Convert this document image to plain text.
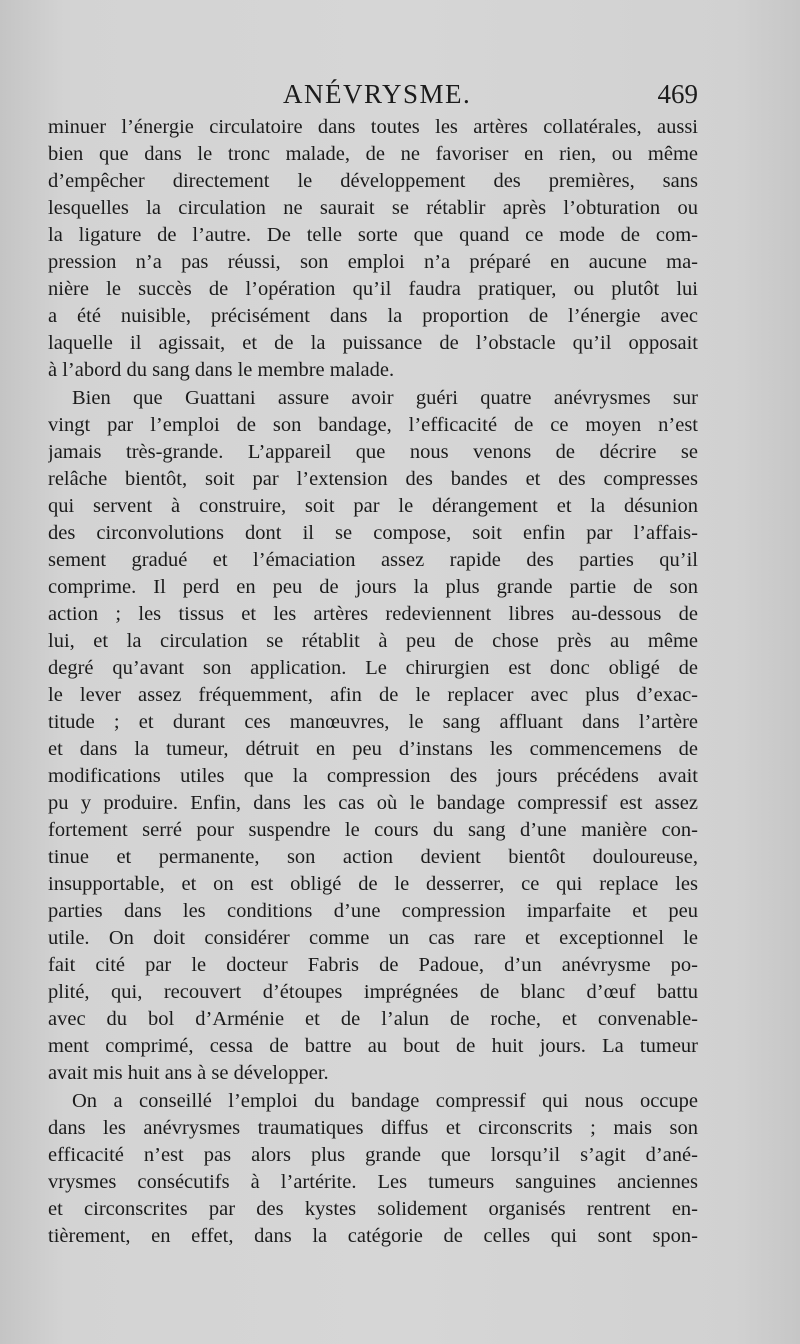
ANÉVRYSME.	469

minuer l’énergie circulatoire dans toutes les artères collatérales, aussi
bien que dans le tronc malade, de ne favoriser en rien, ou même
d’empêcher directement le développement des premières, sans
lesquelles la circulation ne saurait se rétablir après l’obturation ou
la ligature de l’autre. De telle sorte que quand ce mode de com-
pression n’a pas réussi, son emploi n’a préparé en aucune ma-
nière le succès de l’opération qu’il faudra pratiquer, ou plutôt lui
a été nuisible, précisément dans la proportion de l’énergie avec
laquelle il agissait, et de la puissance de l’obstacle qu’il opposait
à l’abord du sang dans le membre malade.

Bien que Guattani assure avoir guéri quatre anévrysmes sur
vingt par l’emploi de son bandage, l’efficacité de ce moyen n’est
jamais très-grande. L’appareil que nous venons de décrire se
relâche bientôt, soit par l’extension des bandes et des compresses
qui servent à construire, soit par le dérangement et la désunion
des circonvolutions dont il se compose, soit enfin par l’affais-
sement gradué et l’émaciation assez rapide des parties qu’il
comprime. Il perd en peu de jours la plus grande partie de son
action ; les tissus et les artères redeviennent libres au-dessous de
lui, et la circulation se rétablit à peu de chose près au même
degré qu’avant son application. Le chirurgien est donc obligé de
le lever assez fréquemment, afin de le replacer avec plus d’exac-
titude ; et durant ces manœuvres, le sang affluant dans l’artère
et dans la tumeur, détruit en peu d’instans les commencemens de
modifications utiles que la compression des jours précédens avait
pu y produire. Enfin, dans les cas où le bandage compressif est assez
fortement serré pour suspendre le cours du sang d’une manière con-
tinue et permanente, son action devient bientôt douloureuse,
insupportable, et on est obligé de le desserrer, ce qui replace les
parties dans les conditions d’une compression imparfaite et peu
utile. On doit considérer comme un cas rare et exceptionnel le
fait cité par le docteur Fabris de Padoue, d’un anévrysme po-
plité, qui, recouvert d’étoupes imprégnées de blanc d’œuf battu
avec du bol d’Arménie et de l’alun de roche, et convenable-
ment comprimé, cessa de battre au bout de huit jours. La tumeur
avait mis huit ans à se développer.

On a conseillé l’emploi du bandage compressif qui nous occupe
dans les anévrysmes traumatiques diffus et circonscrits ; mais son
efficacité n’est pas alors plus grande que lorsqu’il s’agit d’ané-
vrysmes consécutifs à l’artérite. Les tumeurs sanguines anciennes
et circonscrites par des kystes solidement organisés rentrent en-
tièrement, en effet, dans la catégorie de celles qui sont spon-
